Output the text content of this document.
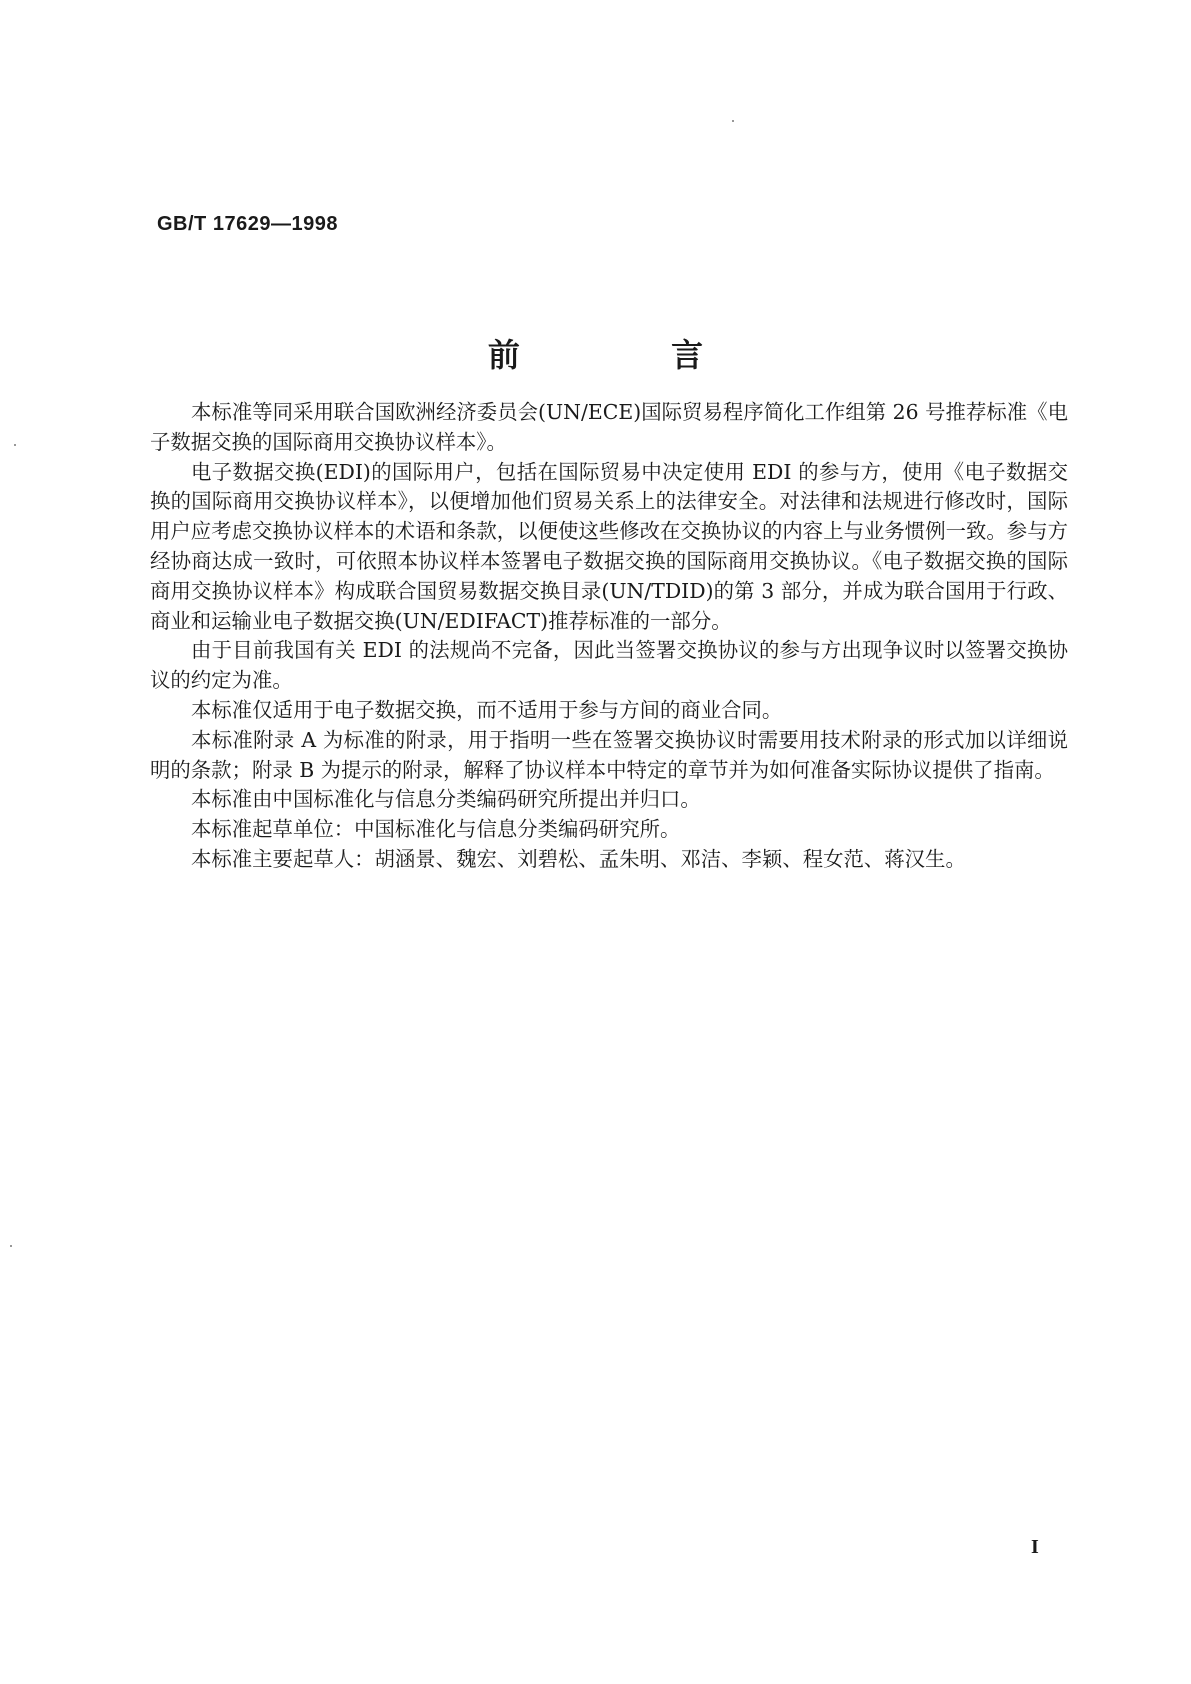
GB/T 17629—1998
前 言

本标准等同采用联合国欧洲经济委员会(UN/ECE)国际贸易程序简化工作组第 26 号推荐标准《电子数据交换的国际商用交换协议样本》。

电子数据交换(EDI)的国际用户，包括在国际贸易中决定使用 EDI 的参与方，使用《电子数据交换的国际商用交换协议样本》，以便增加他们贸易关系上的法律安全。对法律和法规进行修改时，国际用户应考虑交换协议样本的术语和条款，以便使这些修改在交换协议的内容上与业务惯例一致。参与方经协商达成一致时，可依照本协议样本签署电子数据交换的国际商用交换协议。《电子数据交换的国际商用交换协议样本》构成联合国贸易数据交换目录(UN/TDID)的第 3 部分，并成为联合国用于行政、商业和运输业电子数据交换(UN/EDIFACT)推荐标准的一部分。

由于目前我国有关 EDI 的法规尚不完备，因此当签署交换协议的参与方出现争议时以签署交换协议的约定为准。

本标准仅适用于电子数据交换，而不适用于参与方间的商业合同。

本标准附录 A 为标准的附录，用于指明一些在签署交换协议时需要用技术附录的形式加以详细说明的条款；附录 B 为提示的附录，解释了协议样本中特定的章节并为如何准备实际协议提供了指南。

本标准由中国标准化与信息分类编码研究所提出并归口。

本标准起草单位：中国标准化与信息分类编码研究所。

本标准主要起草人：胡涵景、魏宏、刘碧松、孟朱明、邓洁、李颖、程女范、蒋汉生。

I
